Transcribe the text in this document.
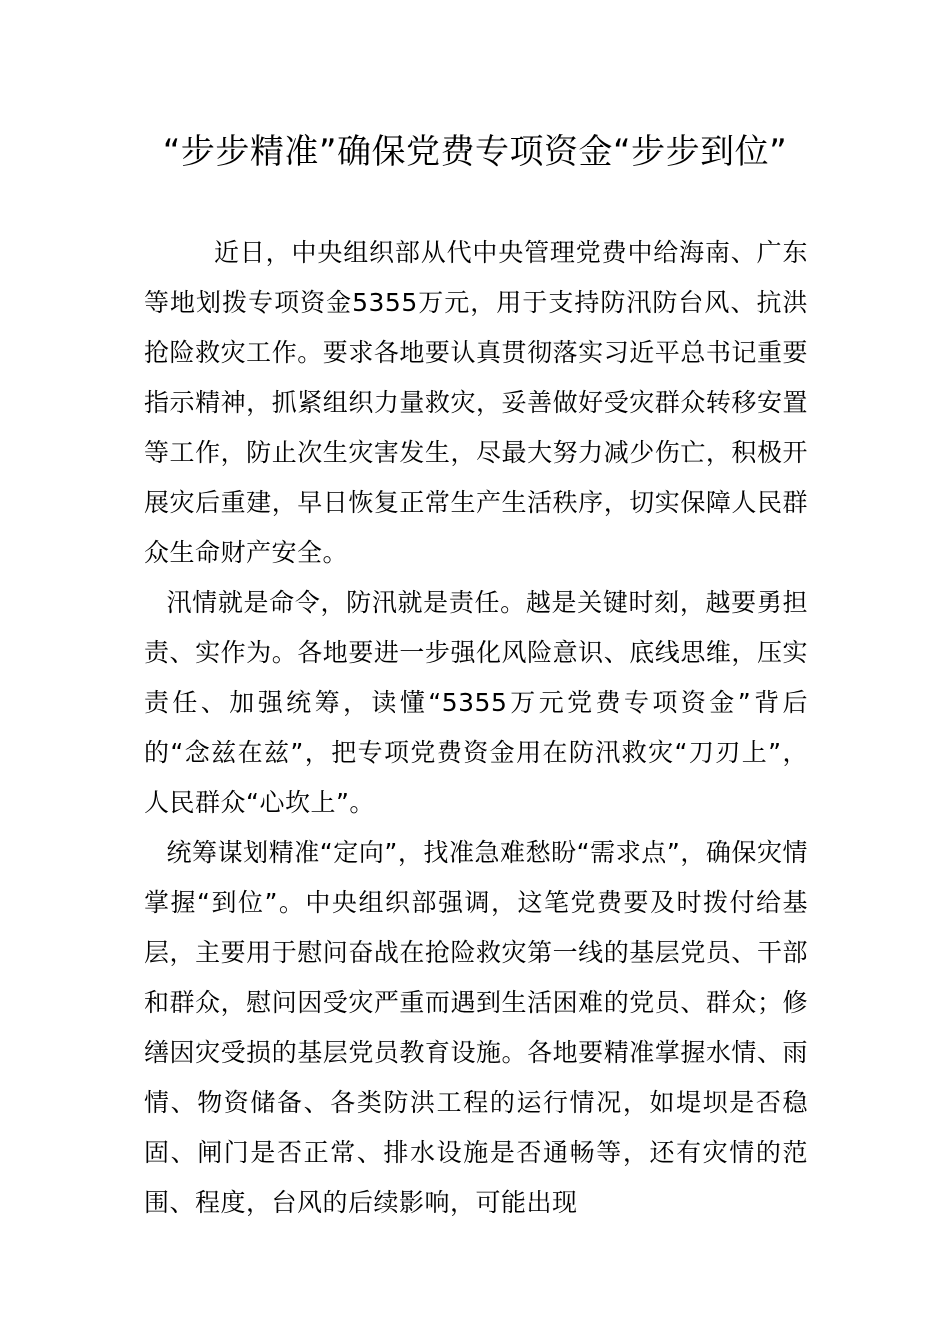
“步步精准”确保党费专项资金“步步到位”

近日，中央组织部从代中央管理党费中给海南、广东等地划拨专项资金5355万元，用于支持防汛防台风、抗洪抢险救灾工作。要求各地要认真贯彻落实习近平总书记重要指示精神，抓紧组织力量救灾，妥善做好受灾群众转移安置等工作，防止次生灾害发生，尽最大努力减少伤亡，积极开展灾后重建，早日恢复正常生产生活秩序，切实保障人民群众生命财产安全。

汛情就是命令，防汛就是责任。越是关键时刻，越要勇担责、实作为。各地要进一步强化风险意识、底线思维，压实责任、加强统筹，读懂“5355万元党费专项资金”背后的“念兹在兹”，把专项党费资金用在防汛救灾“刀刃上”，人民群众“心坎上”。

统筹谋划精准“定向”，找准急难愁盼“需求点”，确保灾情掌握“到位”。中央组织部强调，这笔党费要及时拨付给基层，主要用于慰问奋战在抢险救灾第一线的基层党员、干部和群众，慰问因受灾严重而遇到生活困难的党员、群众；修缮因灾受损的基层党员教育设施。各地要精准掌握水情、雨情、物资储备、各类防洪工程的运行情况，如堤坝是否稳固、闸门是否正常、排水设施是否通畅等，还有灾情的范围、程度，台风的后续影响，可能出现
